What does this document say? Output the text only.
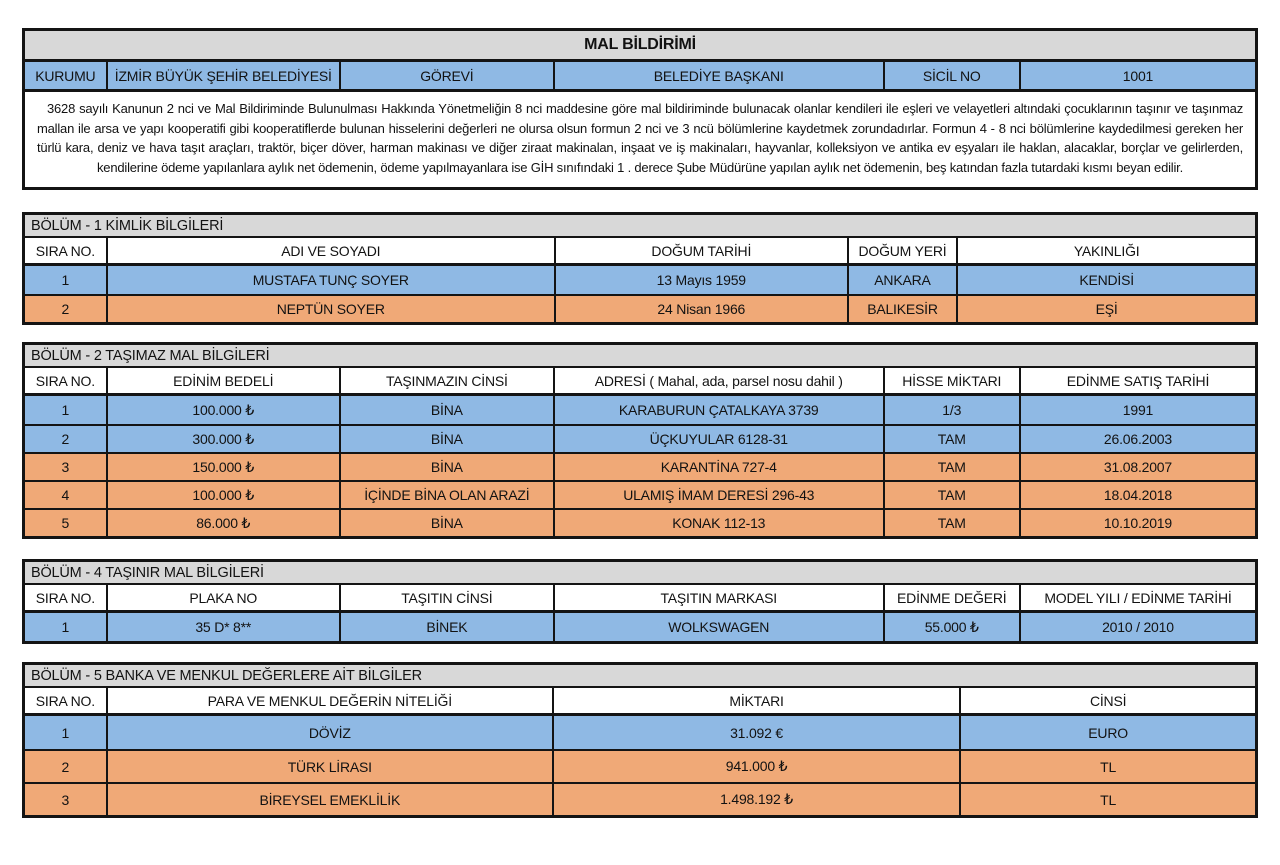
MAL BİLDİRİMİ
KURUMU	İZMİR BÜYÜK ŞEHİR BELEDİYESİ	GÖREVİ	BELEDİYE BAŞKANI	SİCİL NO	1001
3628 sayılı Kanunun 2 nci ve Mal Bildiriminde Bulunulması Hakkında Yönetmeliğin 8 nci maddesine göre mal bildiriminde bulunacak olanlar kendileri ile eşleri ve velayetleri altındaki çocuklarının taşınır ve taşınmaz mallan ile arsa ve yapı kooperatifi gibi kooperatiflerde bulunan hisselerini değerleri ne olursa olsun formun 2 nci ve 3 ncü bölümlerine kaydetmek zorundadırlar. Formun 4 - 8 nci bölümlerine kaydedilmesi gereken her türlü kara, deniz ve hava taşıt araçları, traktör, biçer döver, harman makinası ve diğer ziraat makinalan, inşaat ve iş makinaları, hayvanlar, kolleksiyon ve antika ev eşyaları ile haklan, alacaklar, borçlar ve gelirlerden, kendilerine ödeme yapılanlara aylık net ödemenin, ödeme yapılmayanlara ise GİH sınıfındaki 1 . derece Şube Müdürüne yapılan aylık net ödemenin, beş katından fazla tutardaki kısmı beyan edilir.
BÖLÜM - 1 KİMLİK BİLGİLERİ
SIRA NO.	ADI VE SOYADI	DOĞUM TARİHİ	DOĞUM YERİ	YAKINLIĞI
1	MUSTAFA TUNÇ SOYER	13 Mayıs 1959	ANKARA	KENDİSİ
2	NEPTÜN SOYER	24 Nisan 1966	BALIKESİR	EŞİ
BÖLÜM - 2 TAŞIMAZ MAL BİLGİLERİ
SIRA NO.	EDİNİM BEDELİ	TAŞINMAZIN CİNSİ	ADRESİ ( Mahal, ada, parsel nosu dahil )	HİSSE MİKTARI	EDİNME SATIŞ TARİHİ
1	100.000 ₺	BİNA	KARABURUN ÇATALKAYA 3739	1/3	1991
2	300.000 ₺	BİNA	ÜÇKUYULAR 6128-31	TAM	26.06.2003
3	150.000 ₺	BİNA	KARANTİNA 727-4	TAM	31.08.2007
4	100.000 ₺	İÇİNDE BİNA OLAN ARAZİ	ULAMIŞ İMAM DERESİ 296-43	TAM	18.04.2018
5	86.000 ₺	BİNA	KONAK 112-13	TAM	10.10.2019
BÖLÜM - 4 TAŞINIR MAL BİLGİLERİ
SIRA NO.	PLAKA NO	TAŞITIN CİNSİ	TAŞITIN MARKASI	EDİNME DEĞERİ	MODEL YILI / EDİNME TARİHİ
1	35 D* 8**	BİNEK	WOLKSWAGEN	55.000 ₺	2010 / 2010
BÖLÜM - 5 BANKA VE MENKUL DEĞERLERE AİT BİLGİLER
SIRA NO.	PARA VE MENKUL DEĞERİN NİTELİĞİ	MİKTARI	CİNSİ
1	DÖVİZ	31.092 €	EURO
2	TÜRK LİRASI	941.000 ₺	TL
3	BİREYSEL EMEKLİLİK	1.498.192 ₺	TL
